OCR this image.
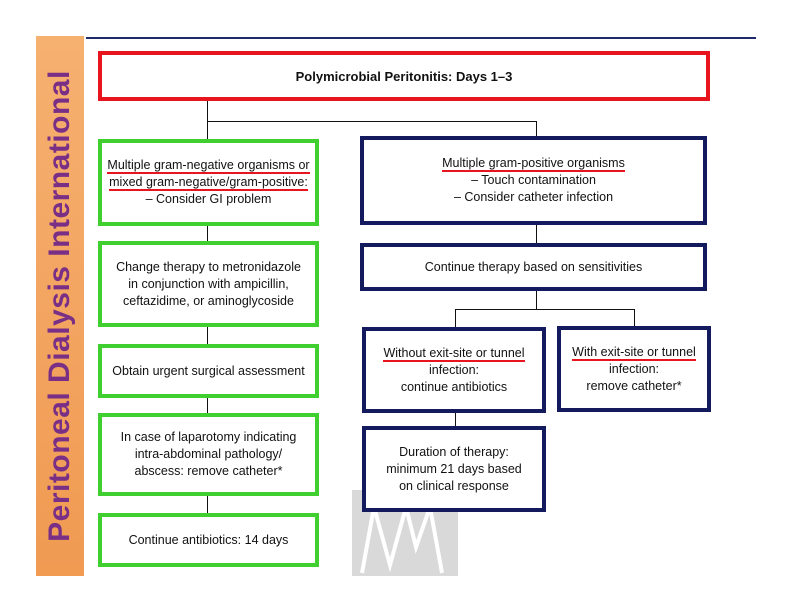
Peritoneal Dialysis International	Polymicrobial Peritonitis: Days 1–3
Multiple gram-negative organisms or
mixed gram-negative/gram-positive:
– Consider GI problem
Multiple gram-positive organisms
– Touch contamination
– Consider catheter infection
Change therapy to metronidazole
in conjunction with ampicillin,
ceftazidime, or aminoglycoside
Continue therapy based on sensitivities
Obtain urgent surgical assessment
Without exit-site or tunnel
infection:
continue antibiotics
With exit-site or tunnel
infection:
remove catheter*
In case of laparotomy indicating
intra-abdominal pathology/
abscess: remove catheter*
Duration of therapy:
minimum 21 days based
on clinical response
Continue antibiotics: 14 days
